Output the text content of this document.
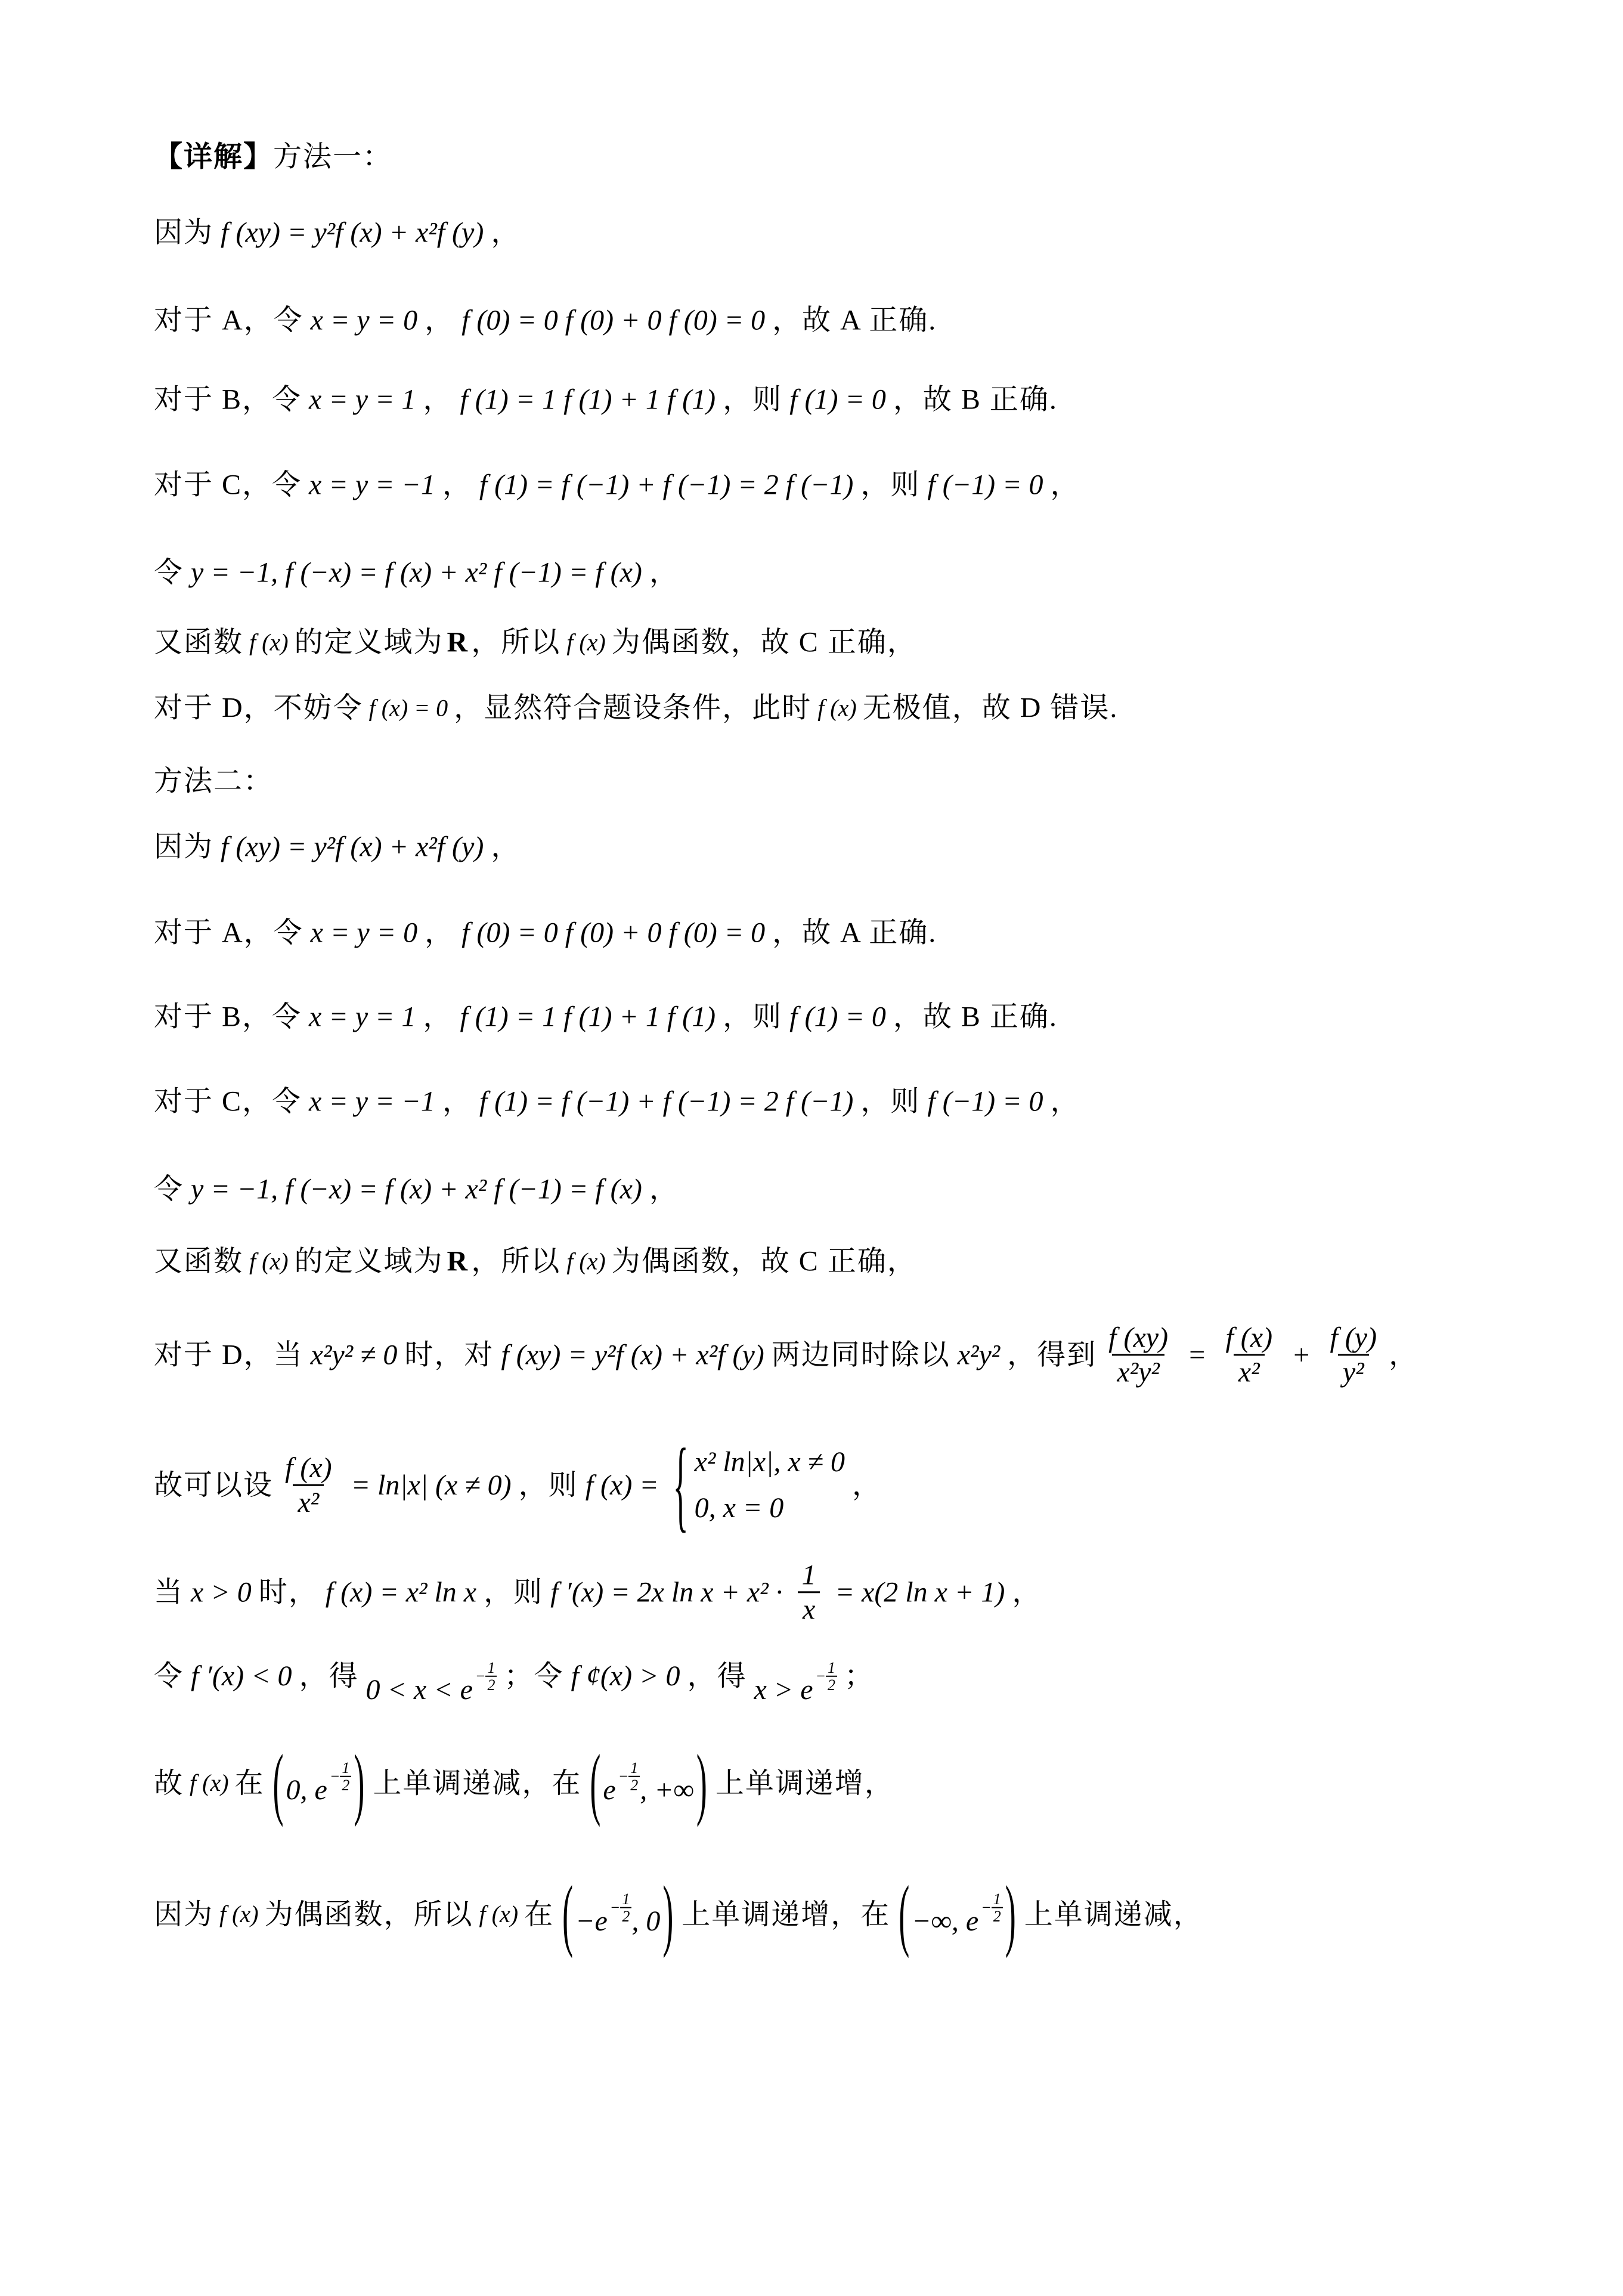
【详解】 方法一：
因为 f (xy) = y²f (x) + x²f (y) ，
对于 A，令 x = y = 0 ， f (0) = 0 f (0) + 0 f (0) = 0 ，故 A 正确.
对于 B，令 x = y = 1 ， f (1) = 1 f (1) + 1 f (1) ，则 f (1) = 0 ，故 B 正确.
对于 C，令 x = y = −1 ， f (1) = f (−1) + f (−1) = 2 f (−1) ，则 f (−1) = 0 ，
令 y = −1, f (−x) = f (x) + x² f (−1) = f (x) ，
又函数 f (x) 的定义域为 R ，所以 f (x) 为偶函数，故 C 正确，
对于 D，不妨令 f (x) = 0 ，显然符合题设条件，此时 f (x) 无极值，故 D 错误.
方法二：
因为 f (xy) = y²f (x) + x²f (y) ，
对于 A，令 x = y = 0 ， f (0) = 0 f (0) + 0 f (0) = 0 ，故 A 正确.
对于 B，令 x = y = 1 ， f (1) = 1 f (1) + 1 f (1) ，则 f (1) = 0 ，故 B 正确.
对于 C，令 x = y = −1 ， f (1) = f (−1) + f (−1) = 2 f (−1) ，则 f (−1) = 0 ，
令 y = −1, f (−x) = f (x) + x² f (−1) = f (x) ，
又函数 f (x) 的定义域为 R ，所以 f (x) 为偶函数，故 C 正确，
对于 D，当 x²y² ≠ 0 时，对 f (xy) = y²f (x) + x²f (y) 两边同时除以 x²y² ，得到 $\frac{f (xy)}{\text{x²y²}} = \frac{f (x)}{\text{x²}} + \frac{f (y)}{\text{y²}}$ ，
故可以设 $\frac{f (x)}{\text{x²}} = \ln|x|$ (x ≠ 0) ，则 f (x) = { x² ln|x|, x ≠ 0
0, x = 0
，
当 x > 0 时， f (x) = x² ln x ，则 f ′(x) = 2x $\ln x + x^2 \cdot \frac{1}{x} = x(2$ ln x + 1) ，
令 f ′(x) < 0 ，得 $0 < x < e - \frac{1}{2}$ ；令 f ¢(x) > 0 ，得 $x > e - \frac{1}{2}$ ；
故 f (x) 在 ( 0, $e - \frac{1}{2}$ ) 上单调递减，在 ( $e - \frac{1}{2}$ , +∞ ) 上单调递增，
因为 f (x) 为偶函数，所以 f (x) 在 ( $-e - \frac{1}{2}$ , 0 ) 上单调递增，在 ( −∞, $e - \frac{1}{2}$ ) 上单调递减，
